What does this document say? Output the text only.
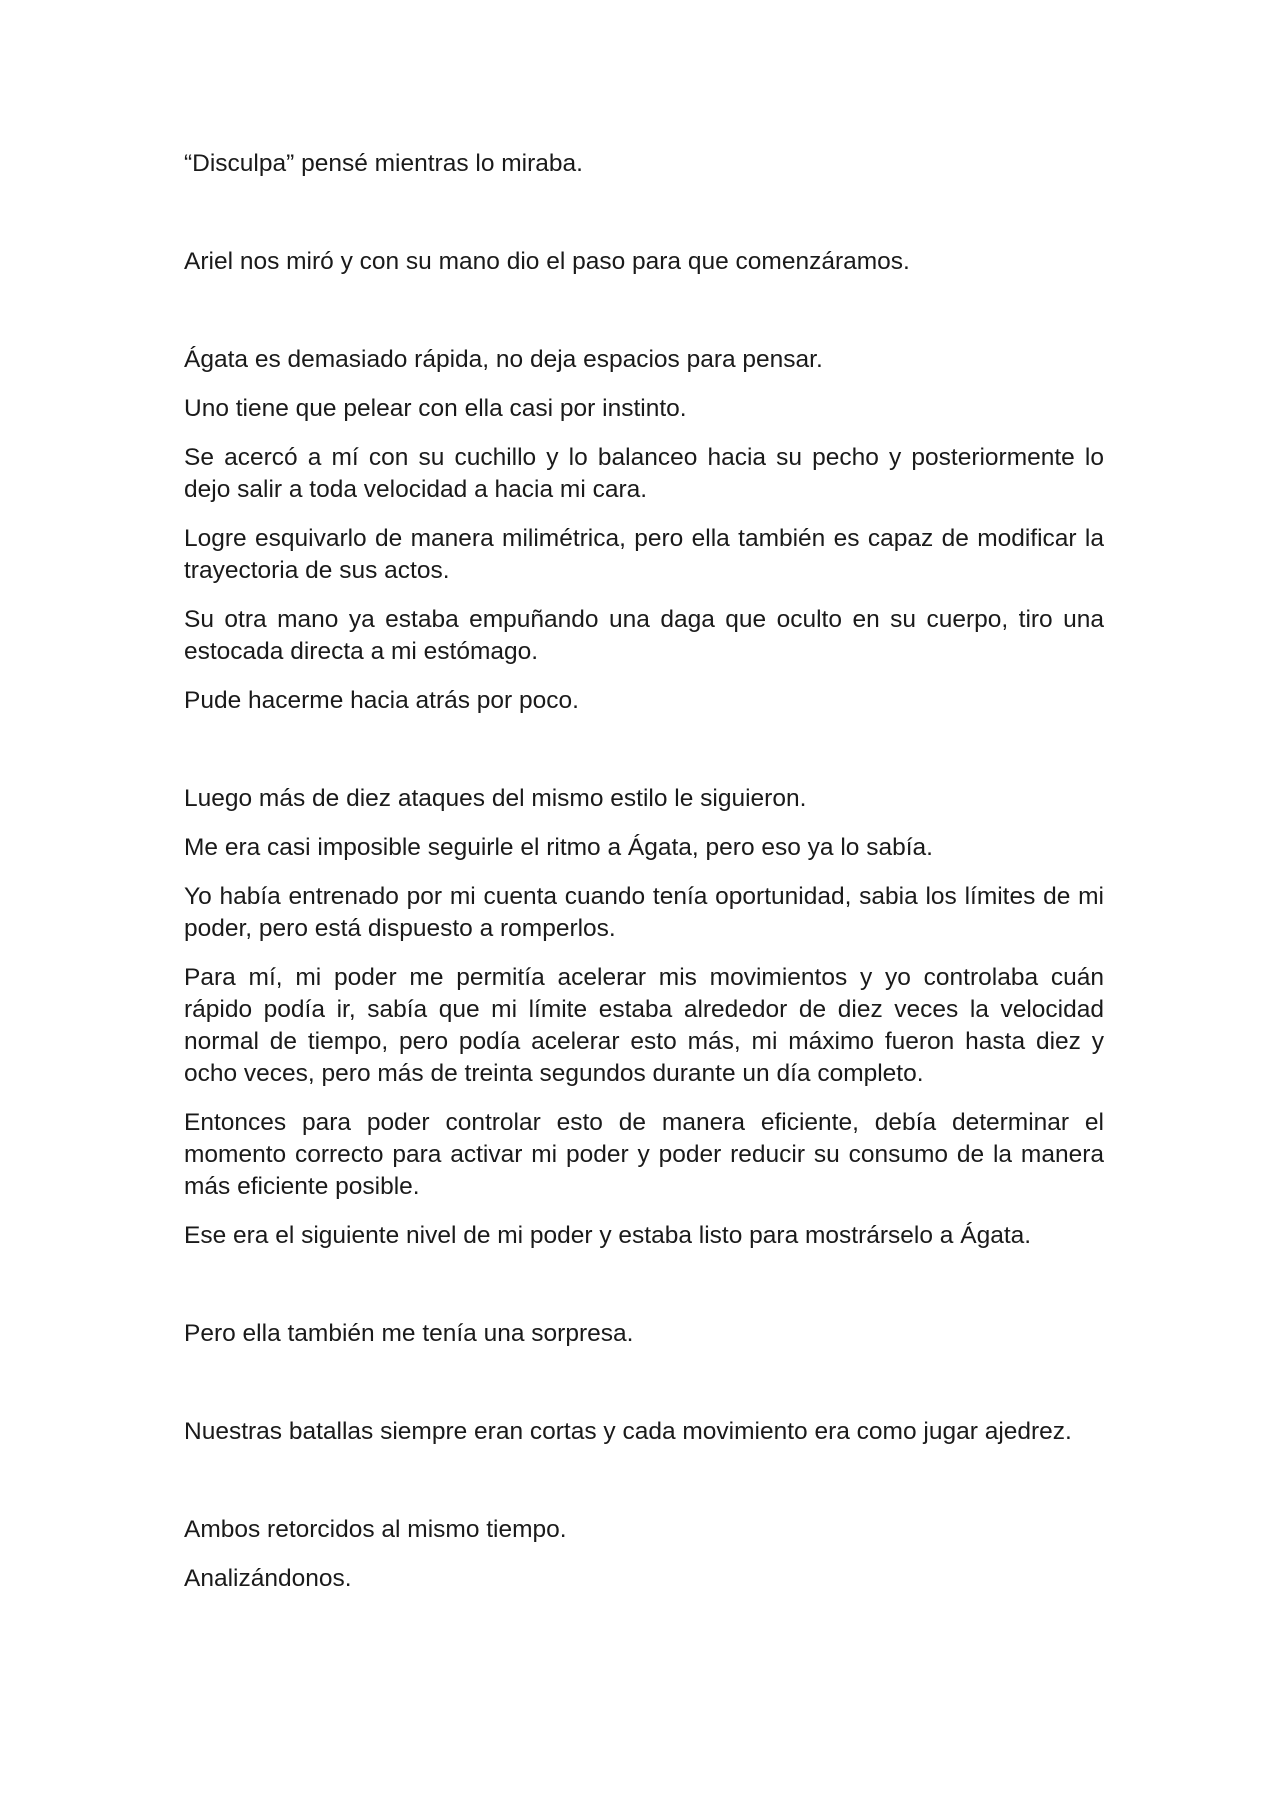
“Disculpa” pensé mientras lo miraba.

Ariel nos miró y con su mano dio el paso para que comenzáramos.

Ágata es demasiado rápida, no deja espacios para pensar.

Uno tiene que pelear con ella casi por instinto.

Se acercó a mí con su cuchillo y lo balanceo hacia su pecho y posteriormente lo dejo salir a toda velocidad a hacia mi cara.

Logre esquivarlo de manera milimétrica, pero ella también es capaz de modificar la trayectoria de sus actos.

Su otra mano ya estaba empuñando una daga que oculto en su cuerpo, tiro una estocada directa a mi estómago.

Pude hacerme hacia atrás por poco.

Luego más de diez ataques del mismo estilo le siguieron.

Me era casi imposible seguirle el ritmo a Ágata, pero eso ya lo sabía.

Yo había entrenado por mi cuenta cuando tenía oportunidad, sabia los límites de mi poder, pero está dispuesto a romperlos.

Para mí, mi poder me permitía acelerar mis movimientos y yo controlaba cuán rápido podía ir, sabía que mi límite estaba alrededor de diez veces la velocidad normal de tiempo, pero podía acelerar esto más, mi máximo fueron hasta diez y ocho veces, pero más de treinta segundos durante un día completo.

Entonces para poder controlar esto de manera eficiente, debía determinar el momento correcto para activar mi poder y poder reducir su consumo de la manera más eficiente posible.

Ese era el siguiente nivel de mi poder y estaba listo para mostrárselo a Ágata.

Pero ella también me tenía una sorpresa.

Nuestras batallas siempre eran cortas y cada movimiento era como jugar ajedrez.

Ambos retorcidos al mismo tiempo.

Analizándonos.
